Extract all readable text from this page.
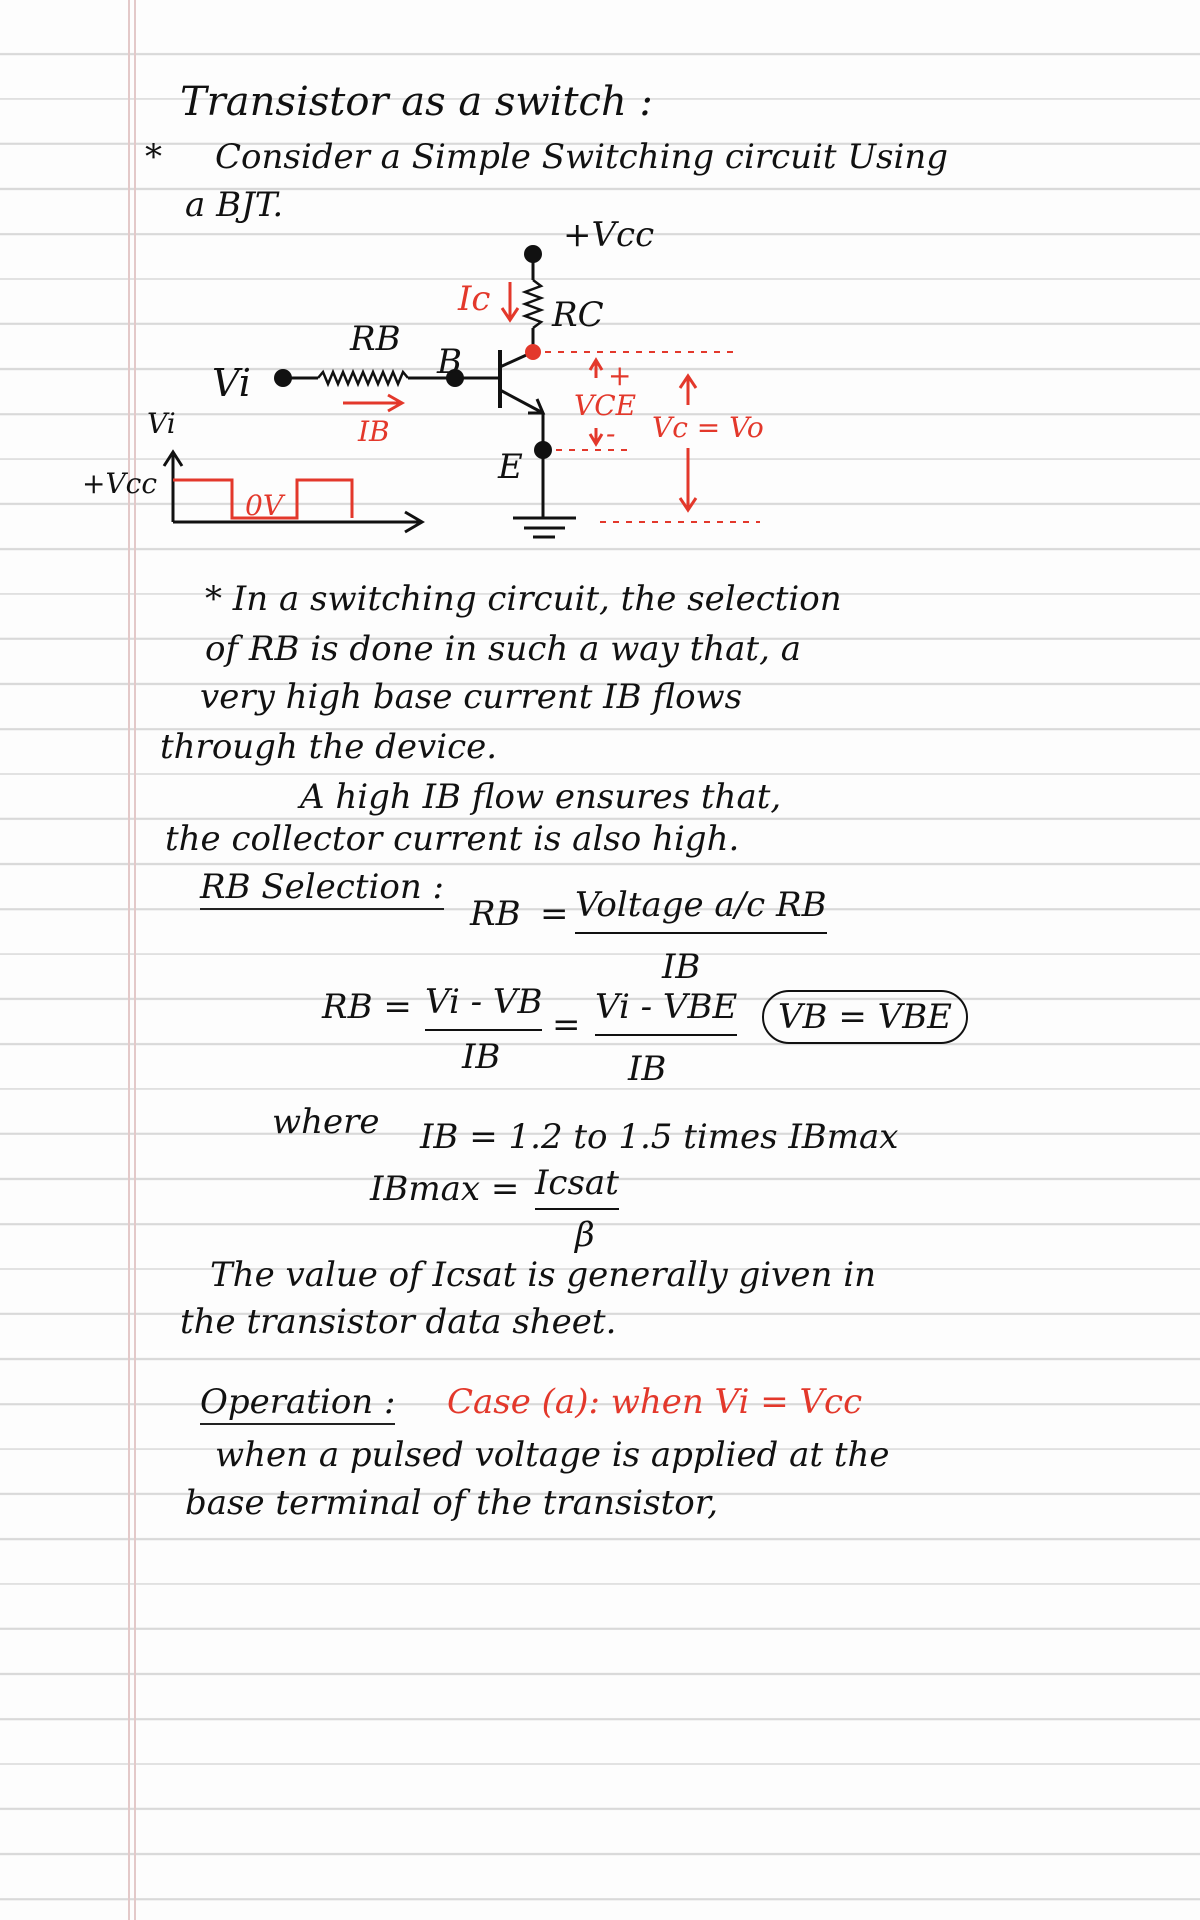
Transistor as a switch :
* Consider a Simple Switching circuit Using
a BJT.
+Vcc
Ic RC
RB
B
Vi
IB
+
VCE
-
E
Vc = Vo
Vi
+Vcc
0V
* In a switching circuit, the selection
of RB is done in such a way that, a
very high base current IB flows
through the device.
A high IB flow ensures that,
the collector current is also high.
RB Selection :
RB = Voltage a/c RB
IB
RB = Vi - VB
IB
= Vi - VBE
IB
VB = VBE
where IB = 1.2 to 1.5 times IBmax
IBmax = Icsat
β
The value of Icsat is generally given in
the transistor data sheet.
Operation : Case (a): when Vi = Vcc
when a pulsed voltage is applied at the
base terminal of the transistor,
